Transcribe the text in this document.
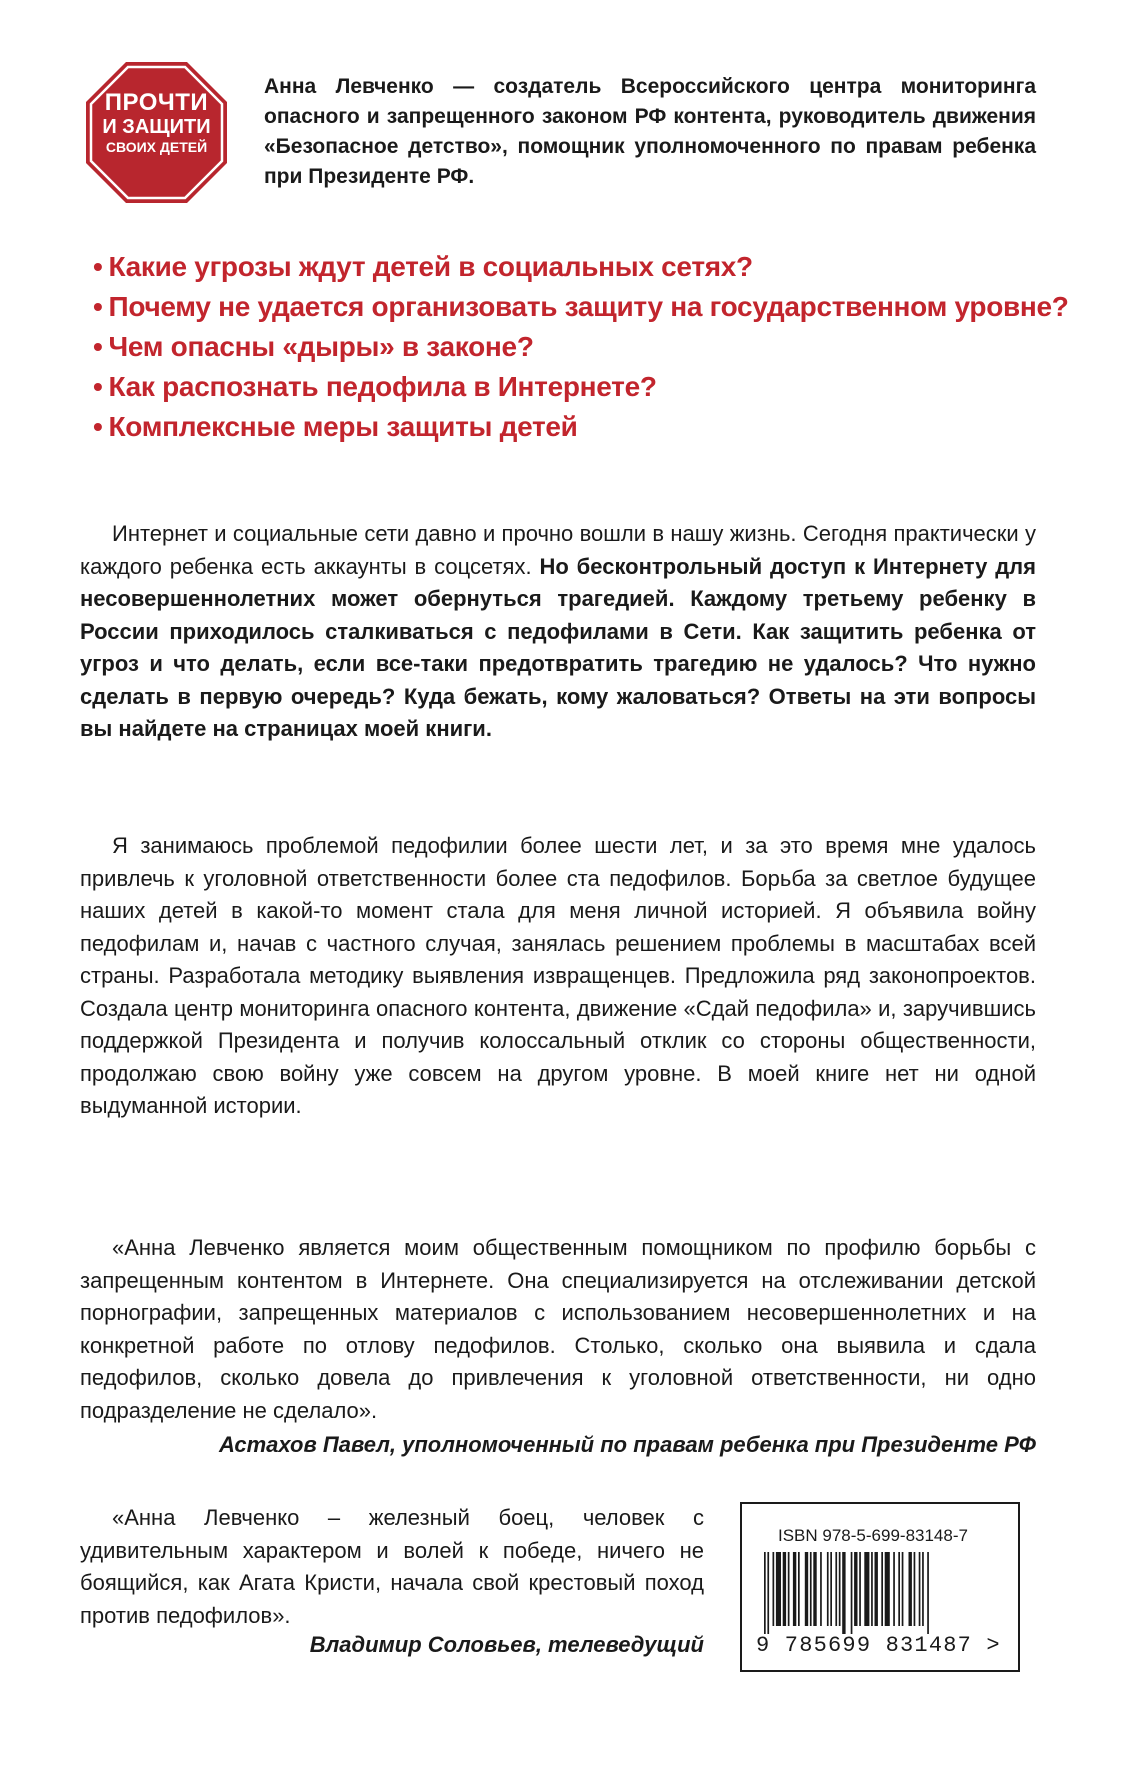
ПРОЧТИ
И ЗАЩИТИ
СВОИХ ДЕТЕЙ

Анна Левченко — создатель Всероссийского центра мониторинга опасного и запрещенного законом РФ контента, руководитель движения «Безопасное детство», помощник уполномоченного по правам ребенка при Президенте РФ.

• Какие угрозы ждут детей в социальных сетях?
• Почему не удается организовать защиту на государственном уровне?
• Чем опасны «дыры» в законе?
• Как распознать педофила в Интернете?
• Комплексные меры защиты детей

Интернет и социальные сети давно и прочно вошли в нашу жизнь. Сегодня практически у каждого ребенка есть аккаунты в соцсетях. Но бесконтрольный доступ к Интернету для несовершеннолетних может обернуться трагедией. Каждому третьему ребенку в России приходилось сталкиваться с педофилами в Сети. Как защитить ребенка от угроз и что делать, если все-таки предотвратить трагедию не удалось? Что нужно сделать в первую очередь? Куда бежать, кому жаловаться? Ответы на эти вопросы вы найдете на страницах моей книги.

Я занимаюсь проблемой педофилии более шести лет, и за это время мне удалось привлечь к уголовной ответственности более ста педофилов. Борьба за светлое будущее наших детей в какой-то момент стала для меня личной историей. Я объявила войну педофилам и, начав с частного случая, занялась решением проблемы в масштабах всей страны. Разработала методику выявления извращенцев. Предложила ряд законопроектов. Создала центр мониторинга опасного контента, движение «Сдай педофила» и, заручившись поддержкой Президента и получив колоссальный отклик со стороны общественности, продолжаю свою войну уже совсем на другом уровне. В моей книге нет ни одной выдуманной истории.

«Анна Левченко является моим общественным помощником по профилю борьбы с запрещенным контентом в Интернете. Она специализируется на отслеживании детской порнографии, запрещенных материалов с использованием несовершеннолетних и на конкретной работе по отлову педофилов. Столько, сколько она выявила и сдала педофилов, сколько довела до привлечения к уголовной ответственности, ни одно подразделение не сделало».

Астахов Павел, уполномоченный по правам ребенка при Президенте РФ

«Анна Левченко – железный боец, человек с удивительным характером и волей к победе, ничего не боящийся, как Агата Кристи, начала свой крестовый поход против педофилов».

Владимир Соловьев, телеведущий

ISBN 978-5-699-83148-7
9 785699 831487 >
